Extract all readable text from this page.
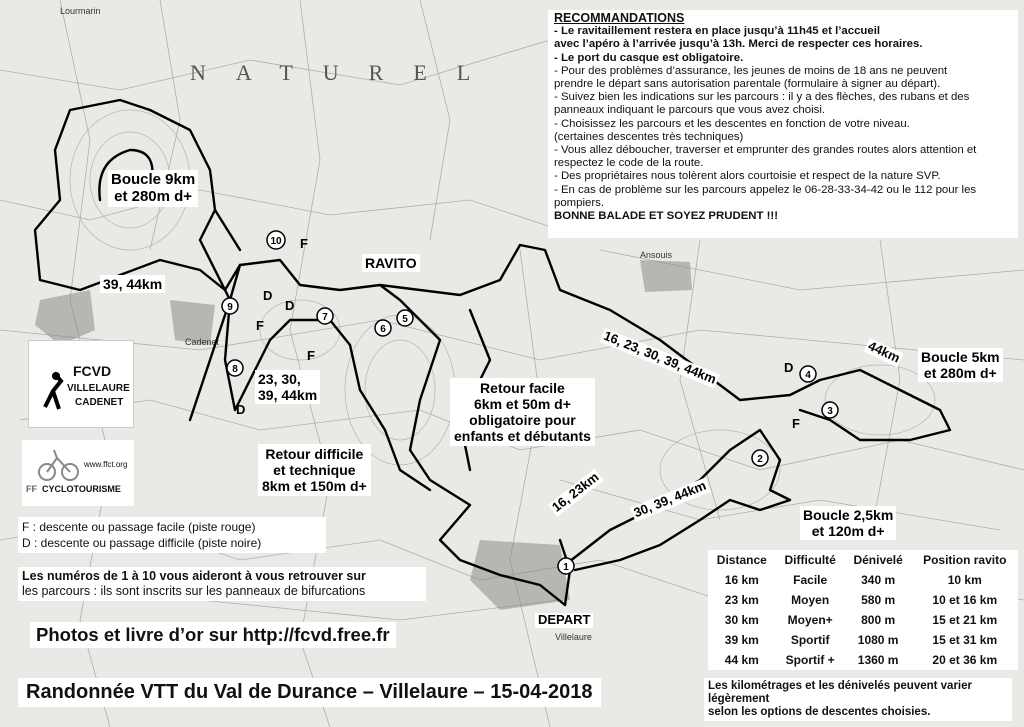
Lourmarin
Cadenet
Ansouis
Villelaure
NATUREL
1
2
3
4
5
6
7
8
9
10 F
D
D
F
F
D
D
F
Boucle 9km
et 280m d+
39, 44km
RAVITO
16, 23, 30, 39, 44km	Boucle 5km
et 280m d+
44km
23, 30,
39, 44km	Retour facile
6km et 50m d+
obligatoire pour
enfants et débutants
Retour difficile
et technique
8km et 150m d+	16, 23km 30, 39, 44km	Boucle 2,5km
et 120m d+
DEPART
RECOMMANDATIONS
- Le ravitaillement restera en place jusqu’à 11h45 et l’accueil
avec l’apéro à l’arrivée jusqu’à 13h. Merci de respecter ces horaires.
- Le port du casque est obligatoire.
- Pour des problèmes d’assurance, les jeunes de moins de 18 ans ne peuvent
prendre le départ sans autorisation parentale (formulaire à signer au départ).
- Suivez bien les indications sur les parcours : il y a des flèches, des rubans et des
panneaux indiquant le parcours que vous avez choisi.
- Choisissez les parcours et les descentes en fonction de votre niveau.
(certaines descentes très techniques)
- Vous allez déboucher, traverser et emprunter des grandes routes alors attention et
respectez le code de la route.
- Des propriétaires nous tolèrent alors courtoisie et respect de la nature SVP.
- En cas de problème sur les parcours appelez le 06-28-33-34-42 ou le 112 pour les
pompiers.
BONNE BALADE ET SOYEZ PRUDENT !!!
FCVD
VILLELAURE
CADENET
www.ffct.org
FF CYCLOTOURISME
F : descente ou passage facile (piste rouge)
D : descente ou passage difficile (piste noire)
Les numéros de 1 à 10 vous aideront à vous retrouver sur
les parcours : ils sont inscrits sur les panneaux de bifurcations
Photos et livre d’or sur http://fcvd.free.fr
Distance	Difficulté	Dénivelé	Position ravito
16 km	Facile	340 m	10 km
23 km	Moyen	580 m	10 et 16 km
30 km	Moyen+	800 m	15 et 21 km
39 km	Sportif	1080 m	15 et 31 km
44 km	Sportif +	1360 m	20 et 36 km
Randonnée VTT du Val de Durance – Villelaure – 15-04-2018	Les kilométrages et les dénivelés peuvent varier légèrement
selon les options de descentes choisies.
